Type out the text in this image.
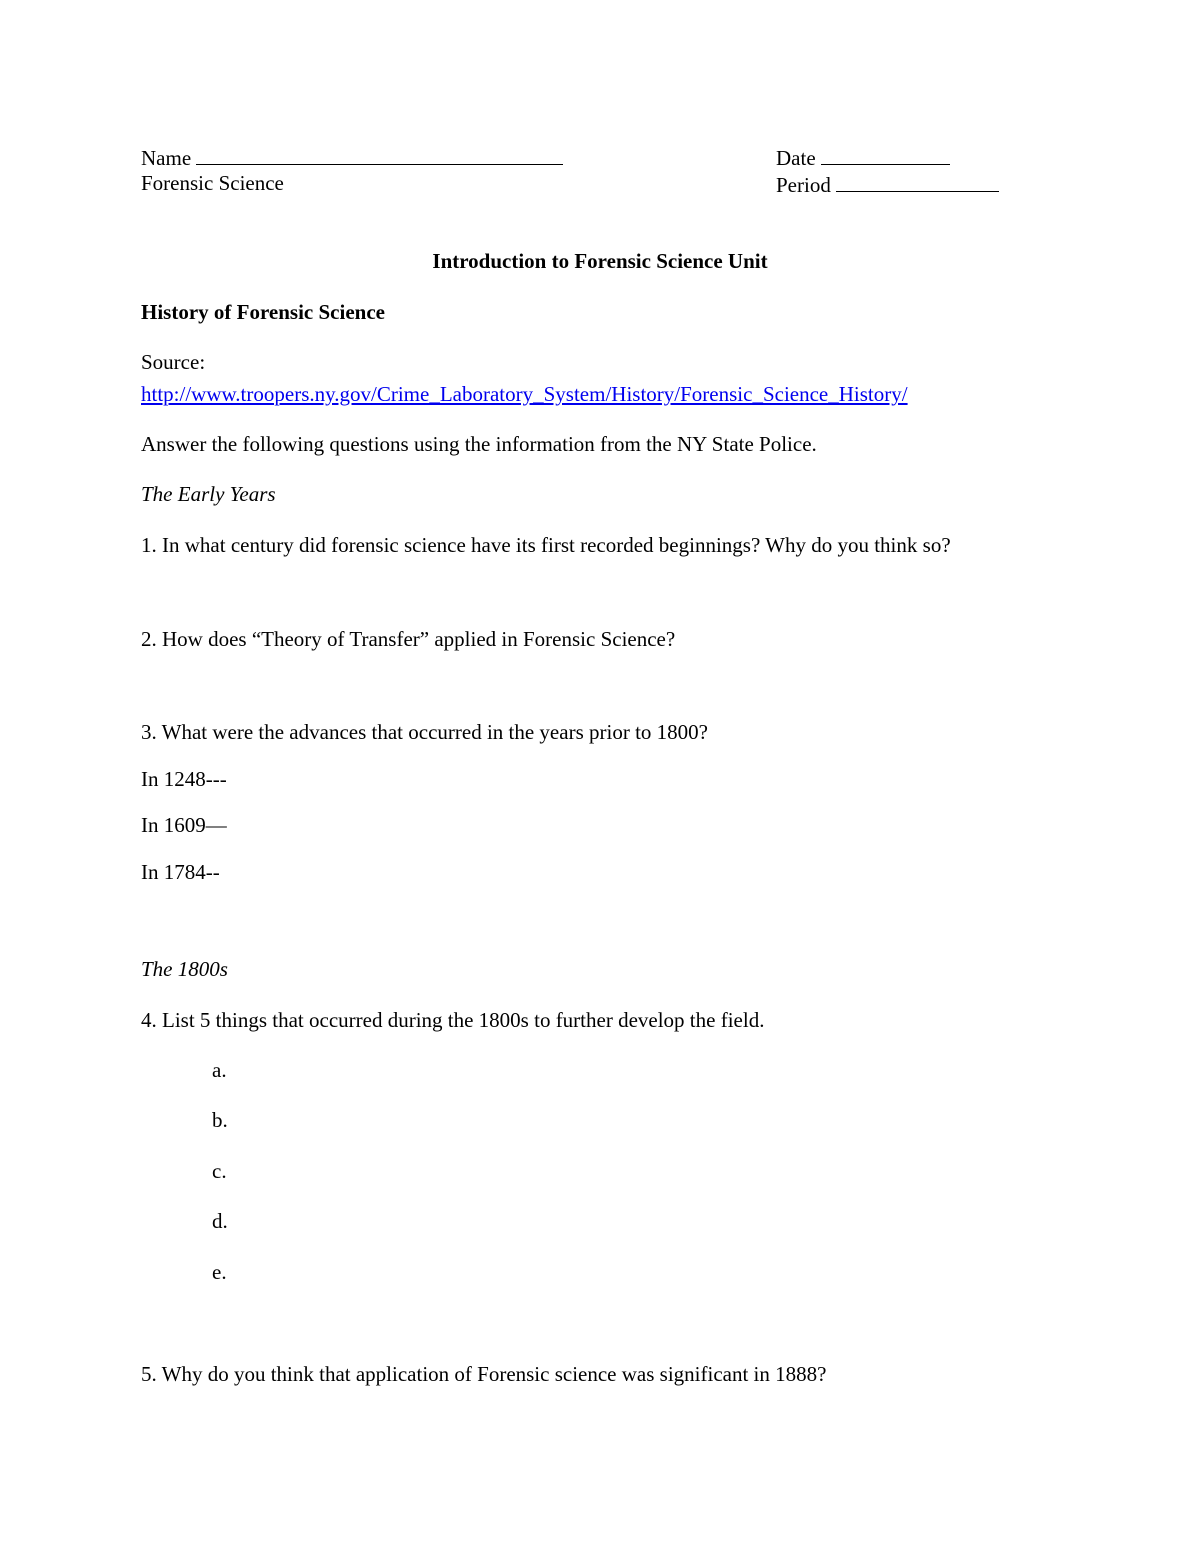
Name
Forensic Science
Date
Period
Introduction to Forensic Science Unit
History of Forensic Science
Source:
http://www.troopers.ny.gov/Crime_Laboratory_System/History/Forensic_Science_History/
Answer the following questions using the information from the NY State Police.
The Early Years
1. In what century did forensic science have its first recorded beginnings? Why do you think so?
2. How does “Theory of Transfer” applied in Forensic Science?
3. What were the advances that occurred in the years prior to 1800?
In 1248---
In 1609—
In 1784--
The 1800s
4. List 5 things that occurred during the 1800s to further develop the field.
a.
b.
c.
d.
e.
5. Why do you think that application of Forensic science was significant in 1888?
